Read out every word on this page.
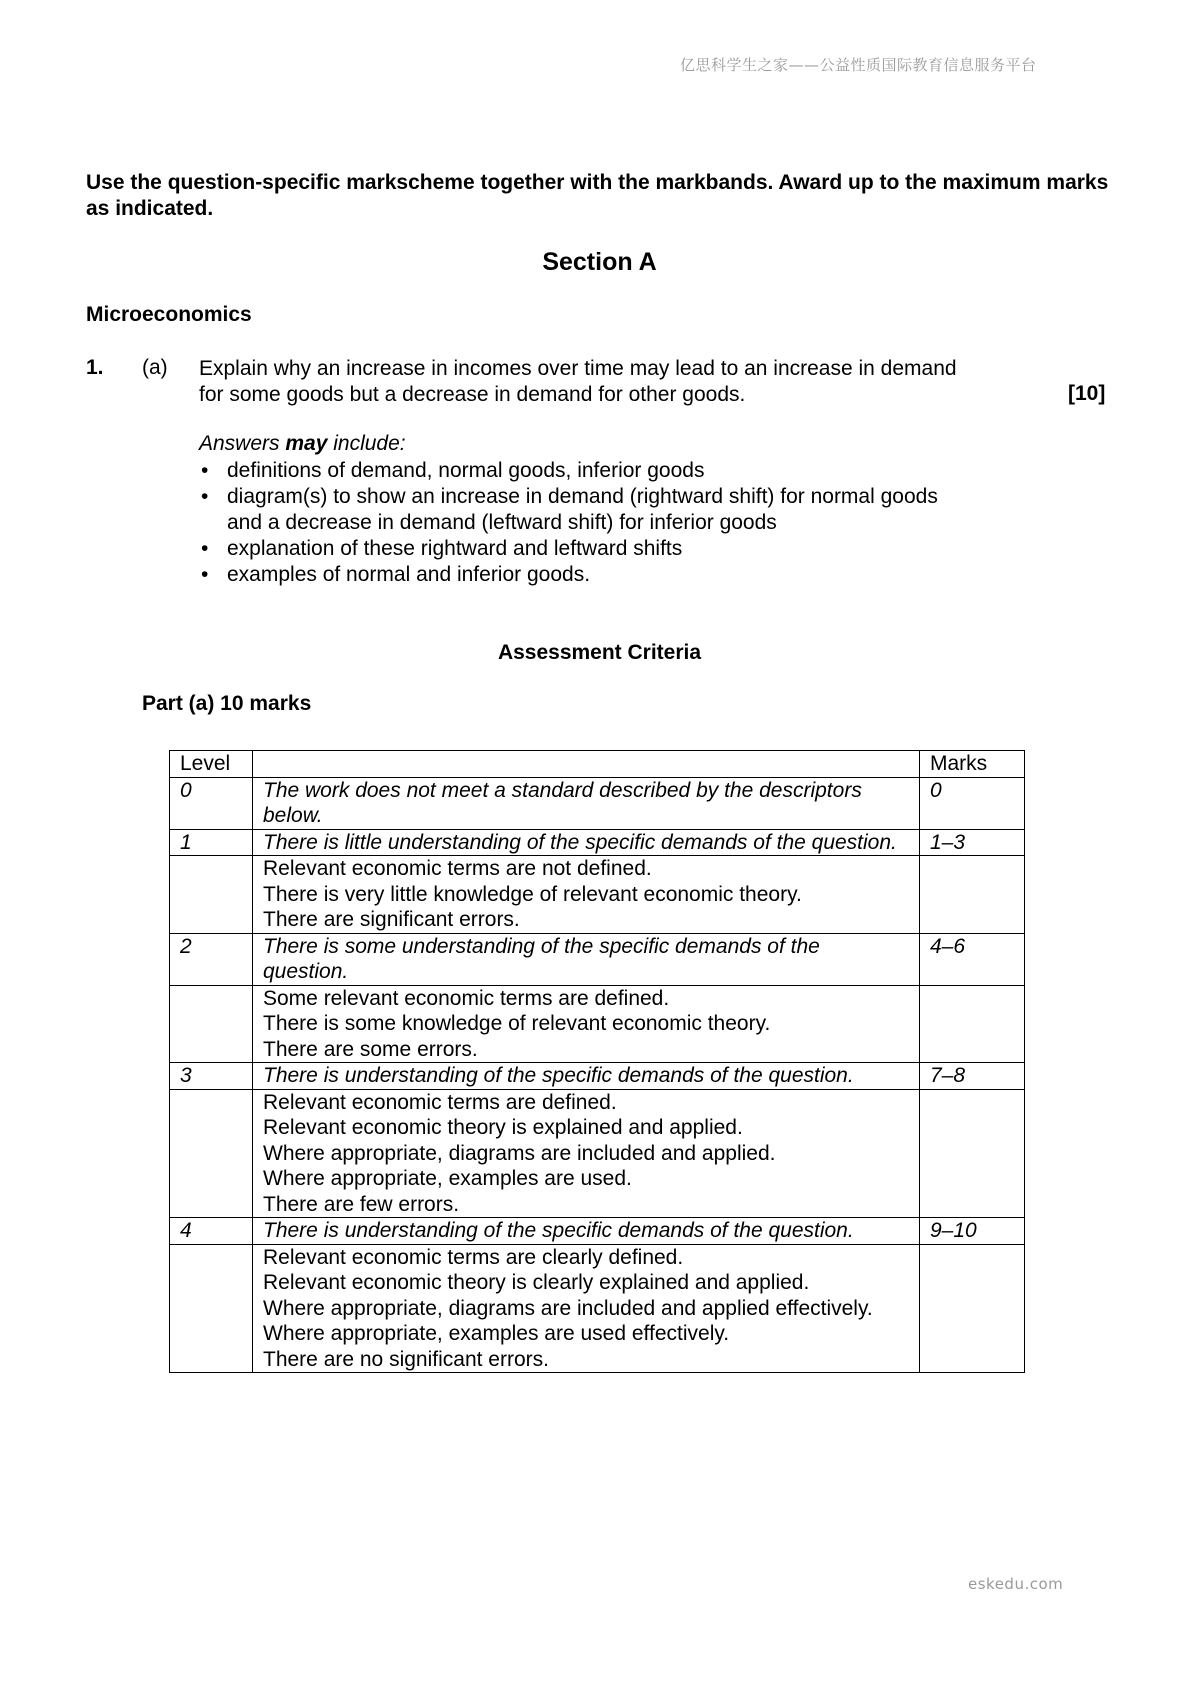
亿思科学生之家——公益性质国际教育信息服务平台
Use the question-specific markscheme together with the markbands. Award up to the maximum marks as indicated.
Section A
Microeconomics
1. (a) Explain why an increase in incomes over time may lead to an increase in demand for some goods but a decrease in demand for other goods.	[10]
Answers may include:
• definitions of demand, normal goods, inferior goods
• diagram(s) to show an increase in demand (rightward shift) for normal goods and a decrease in demand (leftward shift) for inferior goods
• explanation of these rightward and leftward shifts
• examples of normal and inferior goods.
Assessment Criteria
Part (a) 10 marks
Level		Marks
0	The work does not meet a standard described by the descriptors below.	0
1	There is little understanding of the specific demands of the question.	1–3

	Relevant economic terms are not defined.
There is very little knowledge of relevant economic theory.
There are significant errors.	

2	There is some understanding of the specific demands of the question.	4–6

	Some relevant economic terms are defined.
There is some knowledge of relevant economic theory.
There are some errors.	

3	There is understanding of the specific demands of the question.	7–8

	Relevant economic terms are defined.
Relevant economic theory is explained and applied.
Where appropriate, diagrams are included and applied.
Where appropriate, examples are used.
There are few errors.	

4	There is understanding of the specific demands of the question.	9–10

	Relevant economic terms are clearly defined.
Relevant economic theory is clearly explained and applied.
Where appropriate, diagrams are included and applied effectively.
Where appropriate, examples are used effectively.
There are no significant errors.	

eskedu.com
